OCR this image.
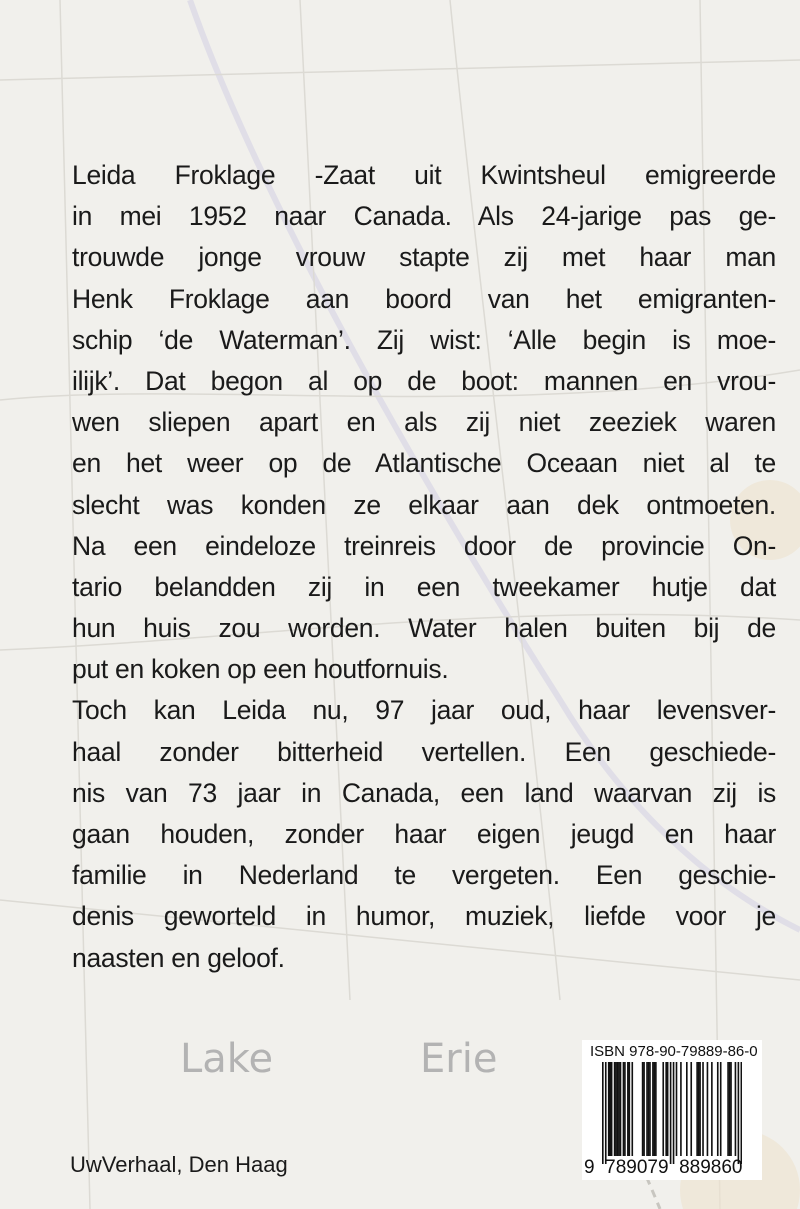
Lake	Erie
Leida Froklage -Zaat uit Kwintsheul emigreerde
in mei 1952 naar Canada. Als 24-jarige pas ge-
trouwde jonge vrouw stapte zij met haar man
Henk Froklage aan boord van het emigranten-
schip ‘de Waterman’. Zij wist: ‘Alle begin is moe-
ilijk’. Dat begon al op de boot: mannen en vrou-
wen sliepen apart en als zij niet zeeziek waren
en het weer op de Atlantische Oceaan niet al te
slecht was konden ze elkaar aan dek ontmoeten.
Na een eindeloze treinreis door de provincie On-
tario belandden zij in een tweekamer hutje dat
hun huis zou worden. Water halen buiten bij de
put en koken op een houtfornuis.
Toch kan Leida nu, 97 jaar oud, haar levensver-
haal zonder bitterheid vertellen. Een geschiede-
nis van 73 jaar in Canada, een land waarvan zij is
gaan houden, zonder haar eigen jeugd en haar
familie in Nederland te vergeten. Een geschie-
denis geworteld in humor, muziek, liefde voor je
naasten en geloof.
UwVerhaal, Den Haag
ISBN 978-90-79889-86-0
9  789079  889860
